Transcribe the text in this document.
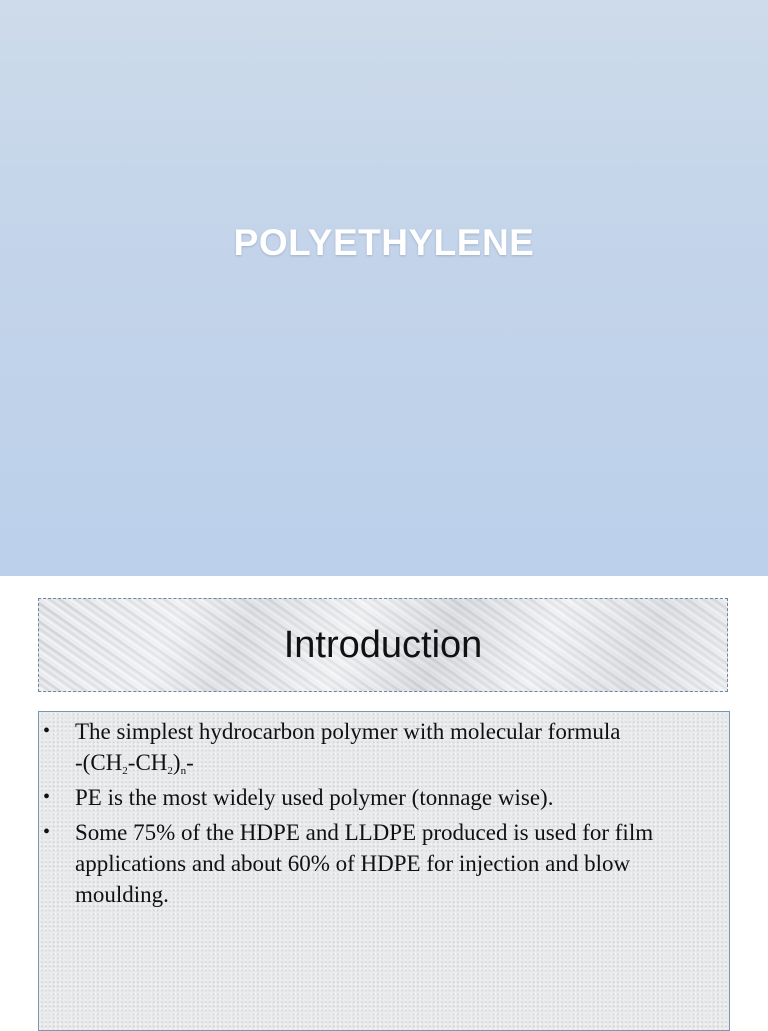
POLYETHYLENE
Introduction
• The simplest hydrocarbon polymer with molecular formula
$-(CH_2-CH_2)_n-$
• PE is the most widely used polymer (tonnage wise).
• Some 75% of the HDPE and LLDPE produced is used for film applications and about 60% of HDPE for injection and blow moulding.
